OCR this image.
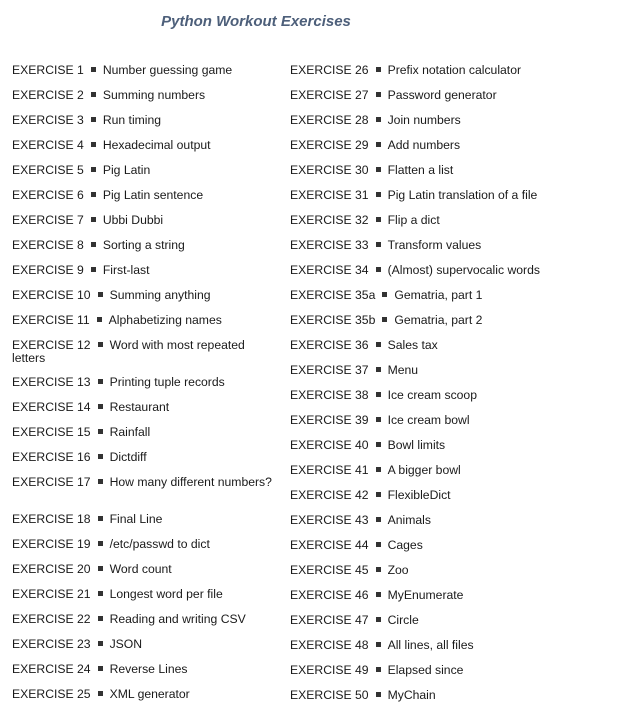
Python Workout Exercises
EXERCISE 1 Number guessing game
EXERCISE 2 Summing numbers
EXERCISE 3 Run timing
EXERCISE 4 Hexadecimal output
EXERCISE 5 Pig Latin
EXERCISE 6 Pig Latin sentence
EXERCISE 7 Ubbi Dubbi
EXERCISE 8 Sorting a string
EXERCISE 9 First-last
EXERCISE 10 Summing anything
EXERCISE 11 Alphabetizing names
EXERCISE 12 Word with most repeated letters
EXERCISE 13 Printing tuple records
EXERCISE 14 Restaurant
EXERCISE 15 Rainfall
EXERCISE 16 Dictdiff
EXERCISE 17 How many different numbers?
EXERCISE 18 Final Line
EXERCISE 19 /etc/passwd to dict
EXERCISE 20 Word count
EXERCISE 21 Longest word per file
EXERCISE 22 Reading and writing CSV
EXERCISE 23 JSON
EXERCISE 24 Reverse Lines
EXERCISE 25 XML generator
EXERCISE 26 Prefix notation calculator
EXERCISE 27 Password generator
EXERCISE 28 Join numbers
EXERCISE 29 Add numbers
EXERCISE 30 Flatten a list
EXERCISE 31 Pig Latin translation of a file
EXERCISE 32 Flip a dict
EXERCISE 33 Transform values
EXERCISE 34 (Almost) supervocalic words
EXERCISE 35a Gematria, part 1
EXERCISE 35b Gematria, part 2
EXERCISE 36 Sales tax
EXERCISE 37 Menu
EXERCISE 38 Ice cream scoop
EXERCISE 39 Ice cream bowl
EXERCISE 40 Bowl limits
EXERCISE 41 A bigger bowl
EXERCISE 42 FlexibleDict
EXERCISE 43 Animals
EXERCISE 44 Cages
EXERCISE 45 Zoo
EXERCISE 46 MyEnumerate
EXERCISE 47 Circle
EXERCISE 48 All lines, all files
EXERCISE 49 Elapsed since
EXERCISE 50 MyChain
